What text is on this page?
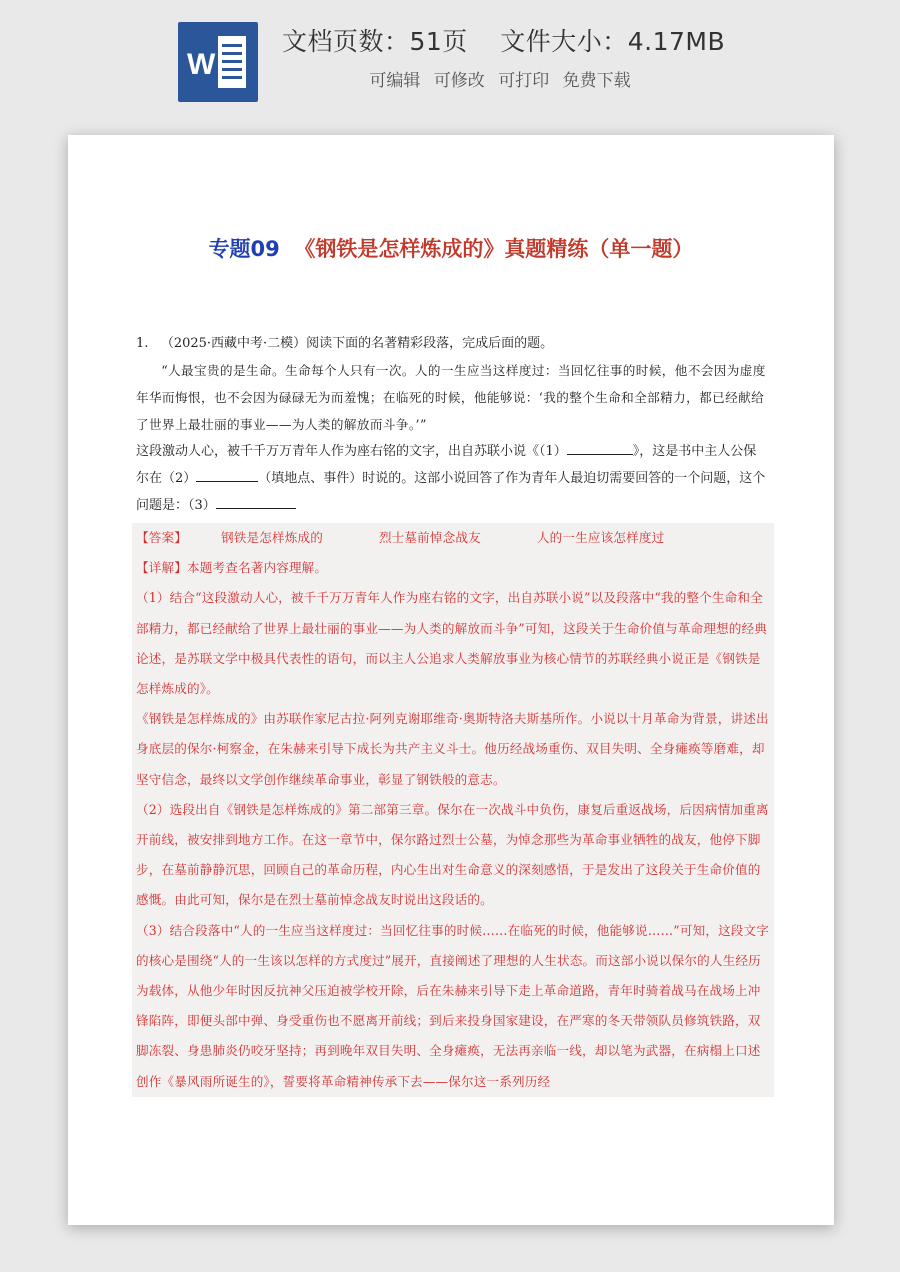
W
文档页数：51页 文件大小：4.17MB
可编辑 可修改 可打印 免费下载
专题09 《钢铁是怎样炼成的》真题精练（单一题）

1. （2025·西藏中考·二模）阅读下面的名著精彩段落，完成后面的题。

“人最宝贵的是生命。生命每个人只有一次。人的一生应当这样度过：当回忆往事的时候，他不会因为虚度年华而悔恨，也不会因为碌碌无为而羞愧；在临死的时候，他能够说：‘我的整个生命和全部精力，都已经献给了世界上最壮丽的事业——为人类的解放而斗争。’”

这段激动人心，被千千万万青年人作为座右铭的文字，出自苏联小说《（1）	》，这是书中主人公保尔在（2）	（填地点、事件）时说的。这部小说回答了作为青年人最迫切需要回答的一个问题，这个问题是：（3）

【答案】	钢铁是怎样炼成的	烈士墓前悼念战友	人的一生应该怎样度过

【详解】本题考查名著内容理解。

（1）结合“这段激动人心，被千千万万青年人作为座右铭的文字，出自苏联小说”以及段落中“我的整个生命和全部精力，都已经献给了世界上最壮丽的事业——为人类的解放而斗争”可知，这段关于生命价值与革命理想的经典论述，是苏联文学中极具代表性的语句，而以主人公追求人类解放事业为核心情节的苏联经典小说正是《钢铁是怎样炼成的》。

《钢铁是怎样炼成的》由苏联作家尼古拉·阿列克谢耶维奇·奥斯特洛夫斯基所作。小说以十月革命为背景，讲述出身底层的保尔·柯察金，在朱赫来引导下成长为共产主义斗士。他历经战场重伤、双目失明、全身瘫痪等磨难，却坚守信念，最终以文学创作继续革命事业，彰显了钢铁般的意志。

（2）选段出自《钢铁是怎样炼成的》第二部第三章。保尔在一次战斗中负伤，康复后重返战场，后因病情加重离开前线，被安排到地方工作。在这一章节中，保尔路过烈士公墓，为悼念那些为革命事业牺牲的战友，他停下脚步，在墓前静静沉思，回顾自己的革命历程，内心生出对生命意义的深刻感悟，于是发出了这段关于生命价值的感慨。由此可知，保尔是在烈士墓前悼念战友时说出这段话的。

（3）结合段落中“人的一生应当这样度过：当回忆往事的时候……在临死的时候，他能够说……”可知，这段文字的核心是围绕“人的一生该以怎样的方式度过”展开，直接阐述了理想的人生状态。而这部小说以保尔的人生经历为载体，从他少年时因反抗神父压迫被学校开除，后在朱赫来引导下走上革命道路，青年时骑着战马在战场上冲锋陷阵，即便头部中弹、身受重伤也不愿离开前线；到后来投身国家建设，在严寒的冬天带领队员修筑铁路，双脚冻裂、身患肺炎仍咬牙坚持；再到晚年双目失明、全身瘫痪，无法再亲临一线，却以笔为武器，在病榻上口述创作《暴风雨所诞生的》，誓要将革命精神传承下去——保尔这一系列历经
